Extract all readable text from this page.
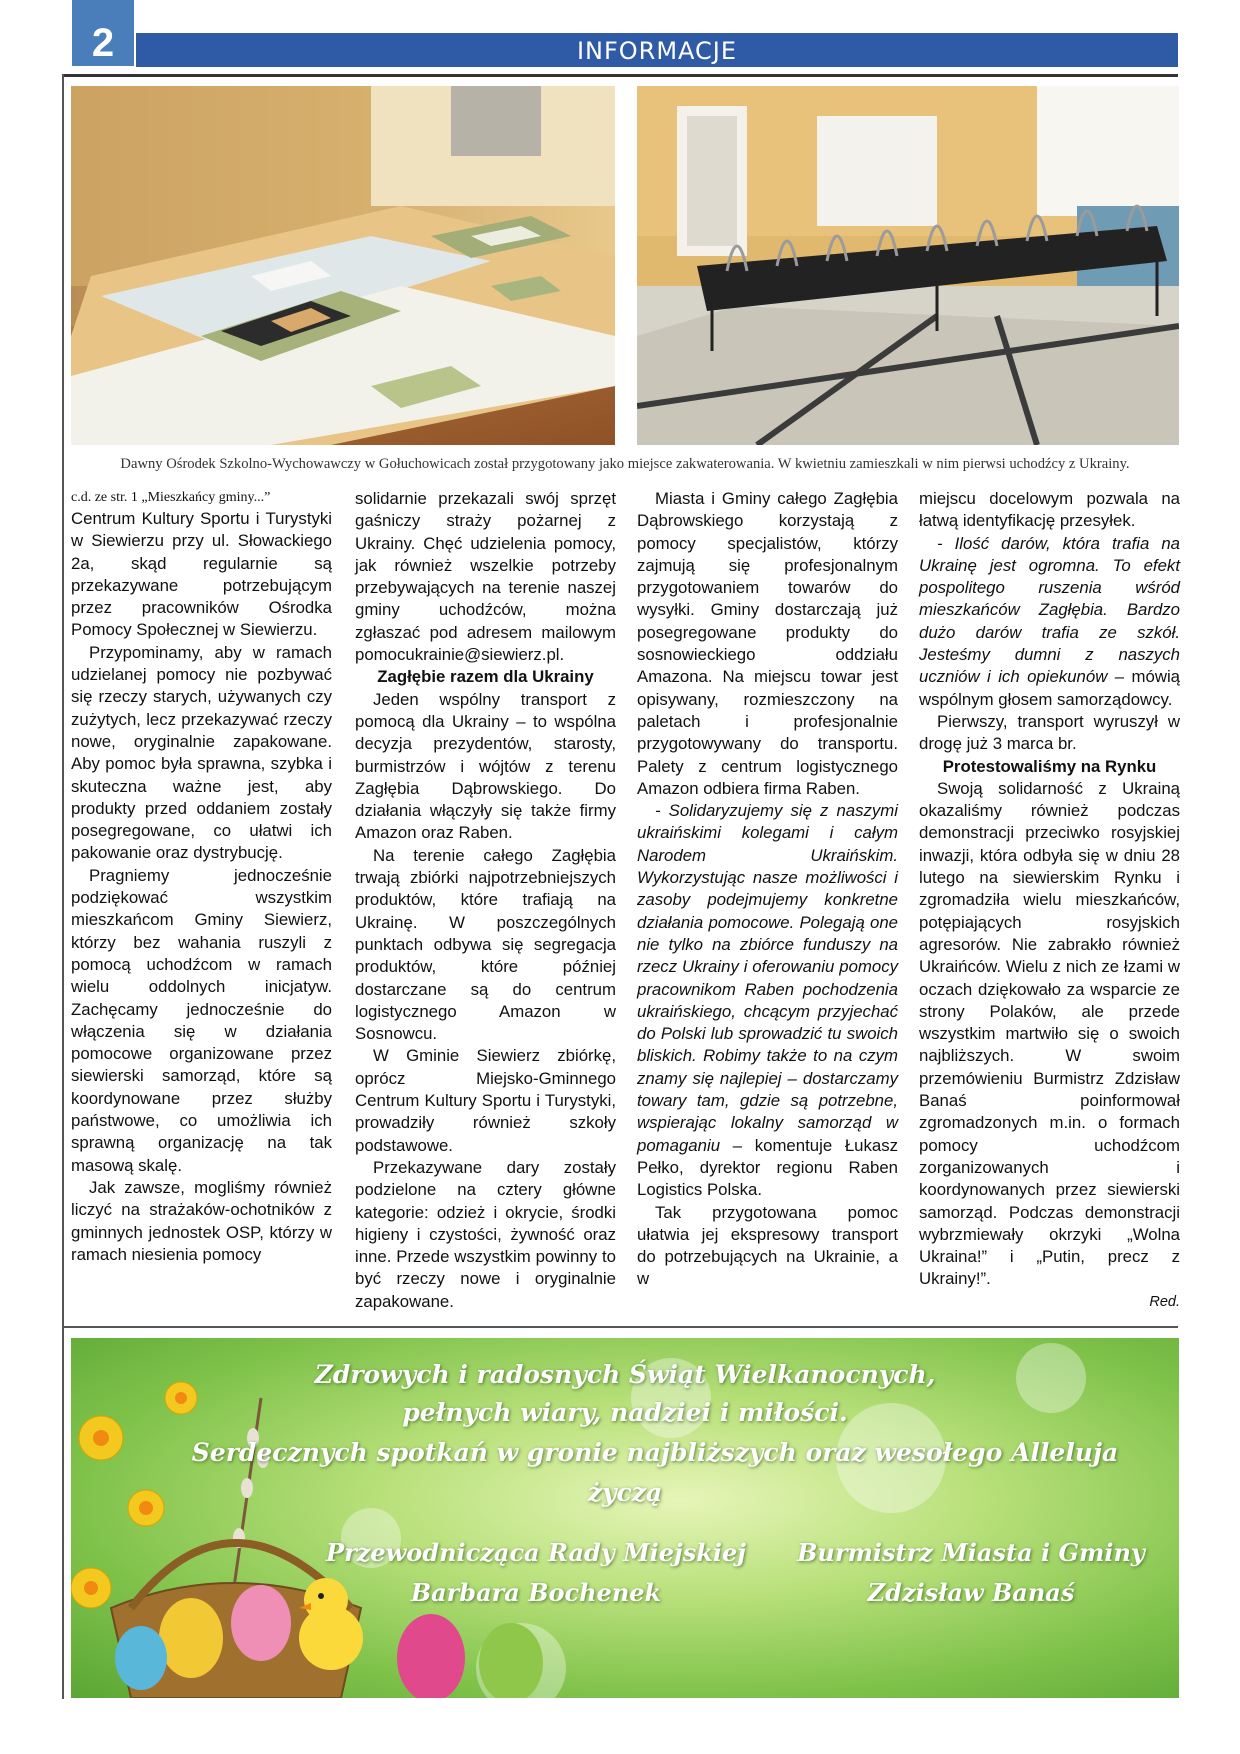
2	INFORMACJE
Dawny Ośrodek Szkolno-Wychowawczy w Gołuchowicach został przygotowany jako miejsce zakwaterowania. W kwietniu zamieszkali w nim pierwsi uchodźcy z Ukrainy.

c.d. ze str. 1 „Mieszkańcy gminy...”

Centrum Kultury Sportu i Turystyki w Siewierzu przy ul. Słowackiego 2a, skąd regularnie są przekazywane potrzebującym przez pracowników Ośrodka Pomocy Społecznej w Siewierzu.

Przypominamy, aby w ramach udzielanej pomocy nie pozbywać się rzeczy starych, używanych czy zużytych, lecz przekazywać rzeczy nowe, oryginalnie zapakowane. Aby pomoc była sprawna, szybka i skuteczna ważne jest, aby produkty przed oddaniem zostały posegregowane, co ułatwi ich pakowanie oraz dystrybucję.

Pragniemy jednocześnie podziękować wszystkim mieszkańcom Gminy Siewierz, którzy bez wahania ruszyli z pomocą uchodźcom w ramach wielu oddolnych inicjatyw. Zachęcamy jednocześnie do włączenia się w działania pomocowe organizowane przez siewierski samorząd, które są koordynowane przez służby państwowe, co umożliwia ich sprawną organizację na tak masową skalę.

Jak zawsze, mogliśmy również liczyć na strażaków-ochotników z gminnych jednostek OSP, którzy w ramach niesienia pomocy

solidarnie przekazali swój sprzęt gaśniczy straży pożarnej z Ukrainy. Chęć udzielenia pomocy, jak również wszelkie potrzeby przebywających na terenie naszej gminy uchodźców, można zgłaszać pod adresem mailowym pomocukrainie@siewierz.pl.

Zagłębie razem dla Ukrainy

Jeden wspólny transport z pomocą dla Ukrainy – to wspólna decyzja prezydentów, starosty, burmistrzów i wójtów z terenu Zagłębia Dąbrowskiego. Do działania włączyły się także firmy Amazon oraz Raben.

Na terenie całego Zagłębia trwają zbiórki najpotrzebniejszych produktów, które trafiają na Ukrainę. W poszczególnych punktach odbywa się segregacja produktów, które później dostarczane są do centrum logistycznego Amazon w Sosnowcu.

W Gminie Siewierz zbiórkę, oprócz Miejsko-Gminnego Centrum Kultury Sportu i Turystyki, prowadziły również szkoły podstawowe.

Przekazywane dary zostały podzielone na cztery główne kategorie: odzież i okrycie, środki higieny i czystości, żywność oraz inne. Przede wszystkim powinny to być rzeczy nowe i oryginalnie zapakowane.

Miasta i Gminy całego Zagłębia Dąbrowskiego korzystają z pomocy specjalistów, którzy zajmują się profesjonalnym przygotowaniem towarów do wysyłki. Gminy dostarczają już posegregowane produkty do sosnowieckiego oddziału Amazona. Na miejscu towar jest opisywany, rozmieszczony na paletach i profesjonalnie przygotowywany do transportu. Palety z centrum logistycznego Amazon odbiera firma Raben.

- Solidaryzujemy się z naszymi ukraińskimi kolegami i całym Narodem Ukraińskim. Wykorzystując nasze możliwości i zasoby podejmujemy konkretne działania pomocowe. Polegają one nie tylko na zbiórce funduszy na rzecz Ukrainy i oferowaniu pomocy pracownikom Raben pochodzenia ukraińskiego, chcącym przyjechać do Polski lub sprowadzić tu swoich bliskich. Robimy także to na czym znamy się najlepiej – dostarczamy towary tam, gdzie są potrzebne, wspierając lokalny samorząd w pomaganiu – komentuje Łukasz Pełko, dyrektor regionu Raben Logistics Polska.

Tak przygotowana pomoc ułatwia jej ekspresowy transport do potrzebujących na Ukrainie, a w

miejscu docelowym pozwala na łatwą identyfikację przesyłek.

- Ilość darów, która trafia na Ukrainę jest ogromna. To efekt pospolitego ruszenia wśród mieszkańców Zagłębia. Bardzo dużo darów trafia ze szkół. Jesteśmy dumni z naszych uczniów i ich opiekunów – mówią wspólnym głosem samorządowcy.

Pierwszy, transport wyruszył w drogę już 3 marca br.

Protestowaliśmy na Rynku

Swoją solidarność z Ukrainą okazaliśmy również podczas demonstracji przeciwko rosyjskiej inwazji, która odbyła się w dniu 28 lutego na siewierskim Rynku i zgromadziła wielu mieszkańców, potępiających rosyjskich agresorów. Nie zabrakło również Ukraińców. Wielu z nich ze łzami w oczach dziękowało za wsparcie ze strony Polaków, ale przede wszystkim martwiło się o swoich najbliższych. W swoim przemówieniu Burmistrz Zdzisław Banaś poinformował zgromadzonych m.in. o formach pomocy uchodźcom zorganizowanych i koordynowanych przez siewierski samorząd. Podczas demonstracji wybrzmiewały okrzyki „Wolna Ukraina!” i „Putin, precz z Ukrainy!”.

Red.

Zdrowych i radosnych Świąt Wielkanocnych,
pełnych wiary, nadziei i miłości.
Serdecznych spotkań w gronie najbliższych oraz wesołego Alleluja
życzą
Przewodnicząca Rady Miejskiej
Barbara Bochenek
Burmistrz Miasta i Gminy
Zdzisław Banaś
